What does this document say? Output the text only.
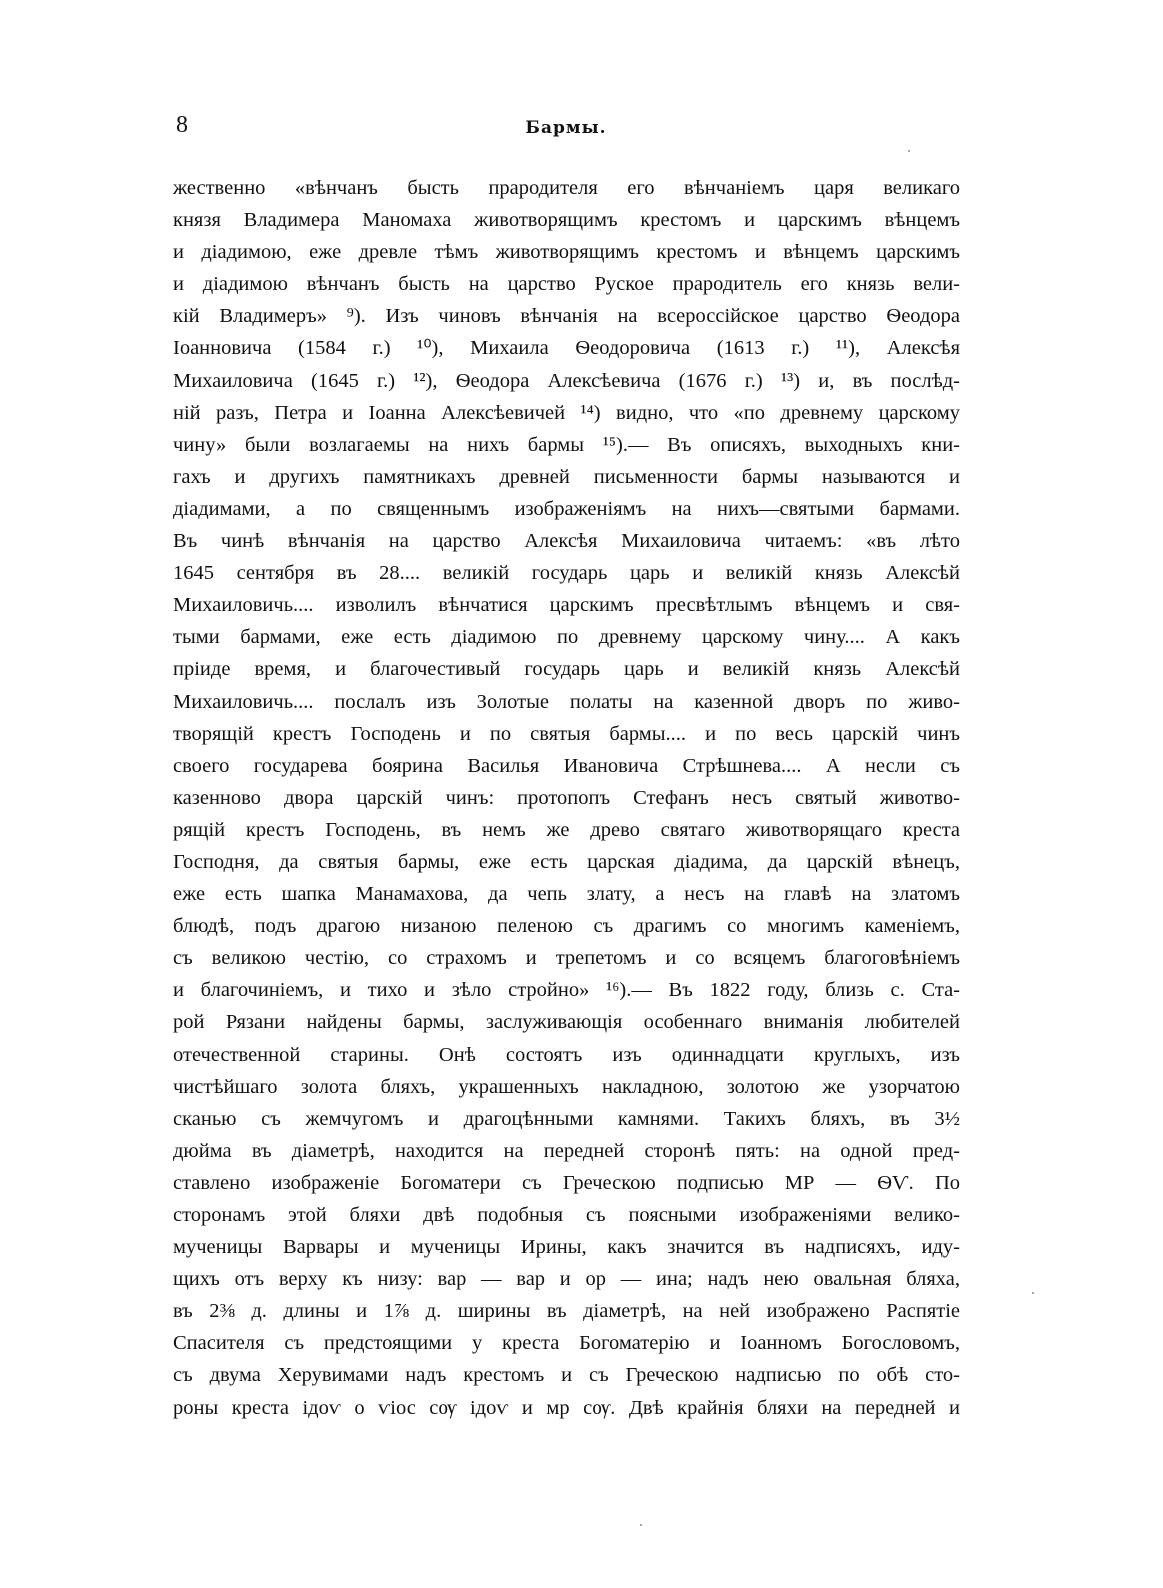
8	Бармы.
жественно «вѣнчанъ бысть прародителя его вѣнчаніемъ царя великаго
князя Владимера Маномаха животворящимъ крестомъ и царскимъ вѣнцемъ
и діадимою, еже древле тѣмъ животворящимъ крестомъ и вѣнцемъ царскимъ
и діадимою вѣнчанъ бысть на царство Руское прародитель его князь вели-
кій Владимеръ» ⁹). Изъ чиновъ вѣнчанія на всероссійское царство Ѳеодора
Іоанновича (1584 г.) ¹⁰), Михаила Ѳеодоровича (1613 г.) ¹¹), Алексѣя
Михаиловича (1645 г.) ¹²), Ѳеодора Алексѣевича (1676 г.) ¹³) и, въ послѣд-
ній разъ, Петра и Іоанна Алексѣевичей ¹⁴) видно, что «по древнему царскому
чину» были возлагаемы на нихъ бармы ¹⁵).— Въ описяхъ, выходныхъ кни-
гахъ и другихъ памятникахъ древней письменности бармы называются и
діадимами, а по священнымъ изображеніямъ на нихъ—святыми бармами.
Въ чинѣ вѣнчанія на царство Алексѣя Михаиловича читаемъ: «въ лѣто
1645 сентября въ 28.... великій государь царь и великій князь Алексѣй
Михаиловичь.... изволилъ вѣнчатися царскимъ пресвѣтлымъ вѣнцемъ и свя-
тыми бармами, еже есть діадимою по древнему царскому чину.... А какъ
пріиде время, и благочестивый государь царь и великій князь Алексѣй
Михаиловичь.... послалъ изъ Золотые полаты на казенной дворъ по живо-
творящій крестъ Господень и по святыя бармы.... и по весь царскій чинъ
своего государева боярина Василья Ивановича Стрѣшнева.... А несли съ
казенново двора царскій чинъ: протопопъ Стефанъ несъ святый животво-
рящій крестъ Господень, въ немъ же древо святаго животворящаго креста
Господня, да святыя бармы, еже есть царская діадима, да царскій вѣнецъ,
еже есть шапка Манамахова, да чепь злату, а несъ на главѣ на златомъ
блюдѣ, подъ драгою низаною пеленою съ драгимъ со многимъ каменіемъ,
съ великою честію, со страхомъ и трепетомъ и со всяцемъ благоговѣніемъ
и благочиніемъ, и тихо и зѣло стройно» ¹⁶).— Въ 1822 году, близь с. Ста-
рой Рязани найдены бармы, заслуживающія особеннаго вниманія любителей
отечественной старины. Онѣ состоятъ изъ одиннадцати круглыхъ, изъ
чистѣйшаго золота бляхъ, украшенныхъ накладною, золотою же узорчатою
сканью съ жемчугомъ и драгоцѣнными камнями. Такихъ бляхъ, въ 3½
дюйма въ діаметрѣ, находится на передней сторонѣ пять: на одной пред-
ставлено изображеніе Богоматери съ Греческою подписью МР — ѲѴ. По
сторонамъ этой бляхи двѣ подобныя съ поясными изображеніями велико-
мученицы Варвары и мученицы Ирины, какъ значится въ надписяхъ, иду-
щихъ отъ верху къ низу: вар — вар и ор — ина; надъ нею овальная бляха,
въ 2⅜ д. длины и 1⅞ д. ширины въ діаметрѣ, на ней изображено Распятіе
Спасителя съ предстоящими у креста Богоматерію и Іоанномъ Богословомъ,
съ двума Херувимами надъ крестомъ и съ Греческою надписью по обѣ сто-
роны креста ідоѵ о ѵіос сѹ ідоѵ и мр сѹ. Двѣ крайнія бляхи на передней и
